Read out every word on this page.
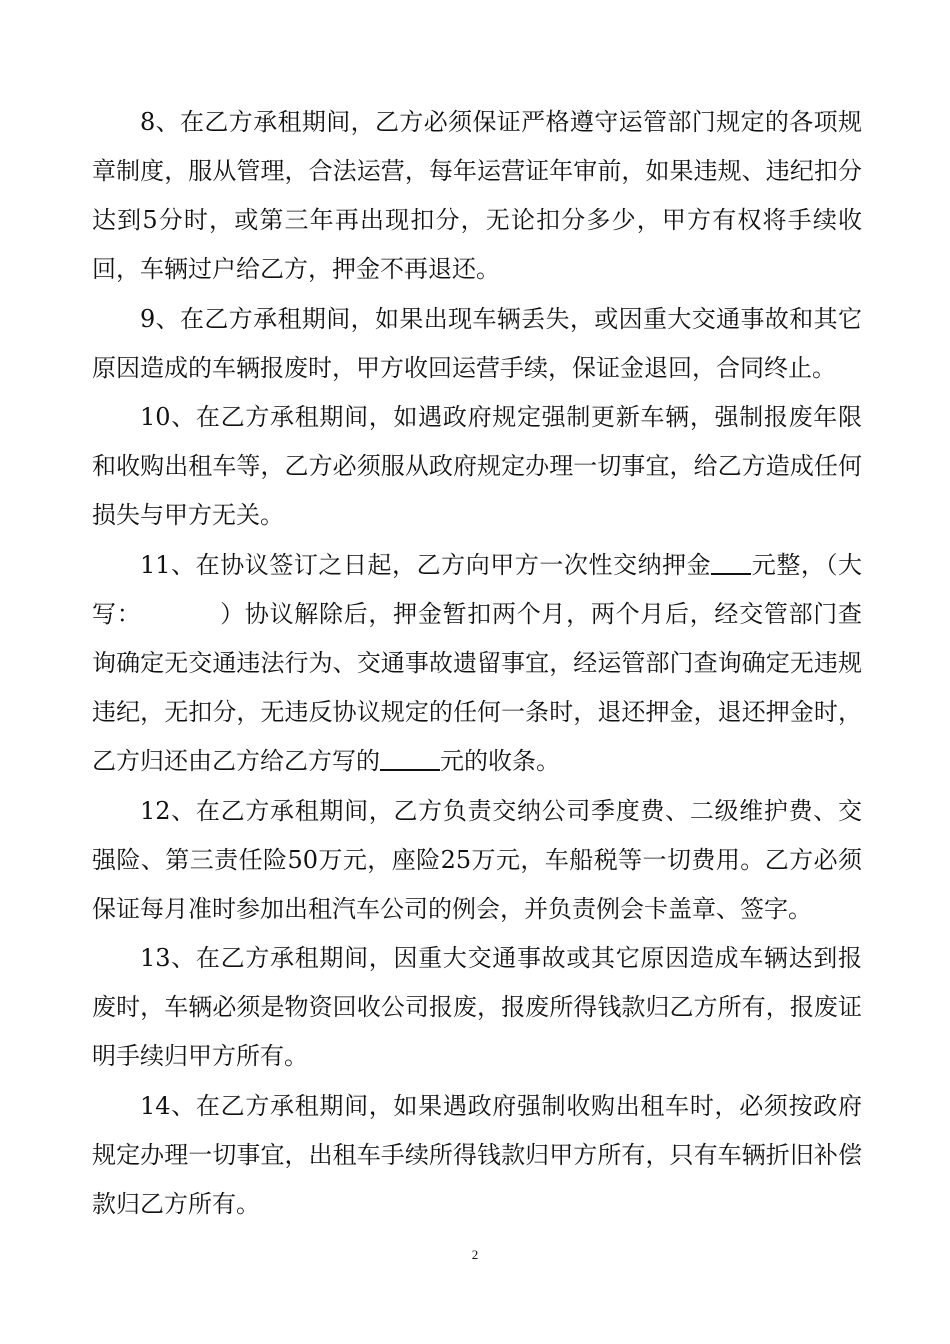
8、在乙方承租期间，乙方必须保证严格遵守运管部门规定的各项规章制度，服从管理，合法运营，每年运营证年审前，如果违规、违纪扣分达到5分时，或第三年再出现扣分，无论扣分多少，甲方有权将手续收回，车辆过户给乙方，押金不再退还。

9、在乙方承租期间，如果出现车辆丢失，或因重大交通事故和其它原因造成的车辆报废时，甲方收回运营手续，保证金退回，合同终止。

10、在乙方承租期间，如遇政府规定强制更新车辆，强制报废年限和收购出租车等，乙方必须服从政府规定办理一切事宜，给乙方造成任何损失与甲方无关。

11、在协议签订之日起，乙方向甲方一次性交纳押金 元整，（大写：	）协议解除后，押金暂扣两个月，两个月后，经交管部门查询确定无交通违法行为、交通事故遗留事宜，经运管部门查询确定无违规违纪，无扣分，无违反协议规定的任何一条时，退还押金，退还押金时，乙方归还由乙方给乙方写的	元的收条。

12、在乙方承租期间，乙方负责交纳公司季度费、二级维护费、交强险、第三责任险50万元，座险25万元，车船税等一切费用。乙方必须保证每月准时参加出租汽车公司的例会，并负责例会卡盖章、签字。

13、在乙方承租期间，因重大交通事故或其它原因造成车辆达到报废时，车辆必须是物资回收公司报废，报废所得钱款归乙方所有，报废证明手续归甲方所有。

14、在乙方承租期间，如果遇政府强制收购出租车时，必须按政府规定办理一切事宜，出租车手续所得钱款归甲方所有，只有车辆折旧补偿款归乙方所有。

2
